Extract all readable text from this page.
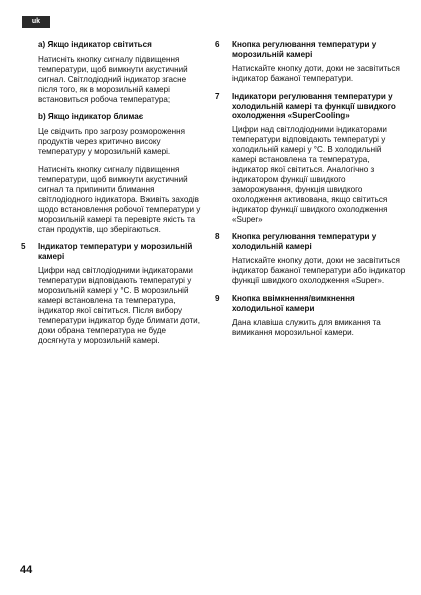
uk

a) Якщо індикатор світиться

Натисніть кнопку сигналу підвищення температури, щоб вимкнути акустичний сигнал. Світлодіодний індикатор згасне після того, як в морозильній камері встановиться робоча температура;

b) Якщо індикатор блимає

Це свідчить про загрозу розмороження продуктів через критично високу температуру у морозильній камері.

Натисніть кнопку сигналу підвищення температури, щоб вимкнути акустичний сигнал та припинити блимання світлодіодного індикатора. Вживіть заходів щодо встановлення робочої температури у морозильній камері та перевірте якість та стан продуктів, що зберігаються.

5 Індикатор температури у морозильній камері

Цифри над світлодіодними індикаторами температури відповідають температурі у морозильній камері у °C. В морозильній камері встановлена та температура, індикатор якої світиться. Після вибору температури індикатор буде блимати доти, доки обрана температура не буде досягнута у морозильній камері.

6 Кнопка регулювання температури у морозильній камері

Натискайте кнопку доти, доки не засвітиться індикатор бажаної температури.

7 Індикатори регулювання температури у холодильній камері та функції швидкого охолодження «SuperCooling»

Цифри над світлодіодними індикаторами температури відповідають температурі у холодильній камері у °C. В холодильній камері встановлена та температура, індикатор якої світиться. Аналогічно з індикатором функції швидкого заморожування, функція швидкого охолодження активована, якщо світиться індикатор функції швидкого охолодження «Super»

8 Кнопка регулювання температури у холодильній камері

Натискайте кнопку доти, доки не засвітиться індикатор бажаної температури або індикатор функції швидкого охолодження «Super».

9 Кнопка ввімкнення/вимкнення холодильної камери

Дана клавіша служить для вмикання та вимикання морозильної камери.

44
